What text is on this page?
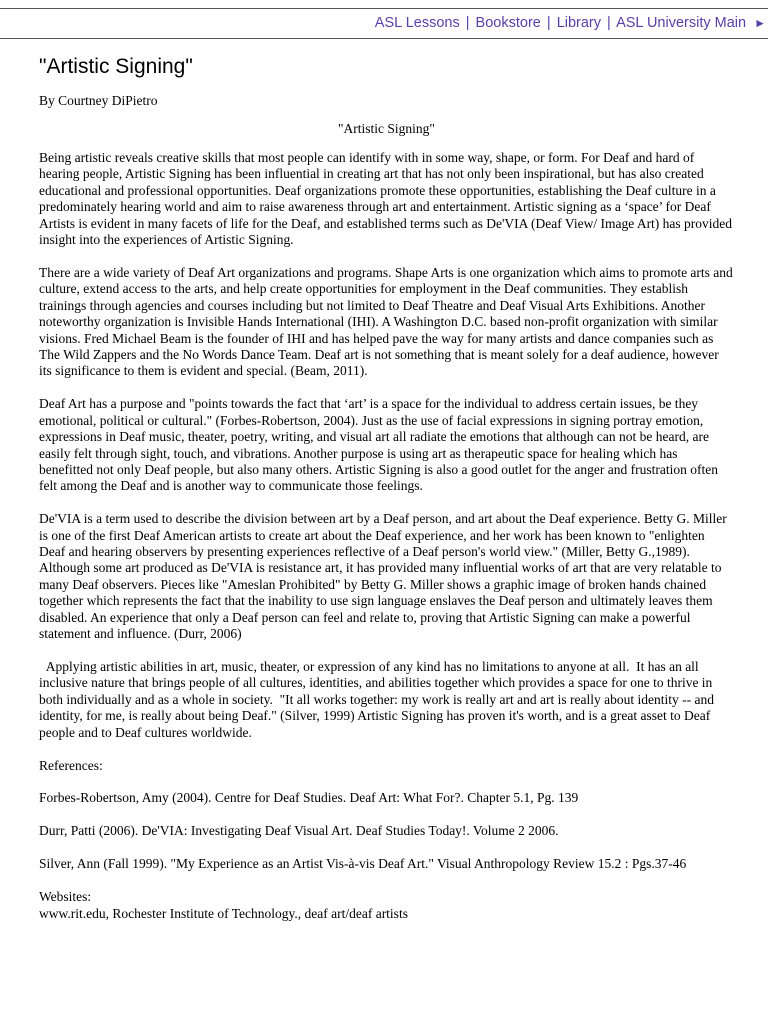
ASL Lessons | Bookstore | Library | ASL University Main ►
"Artistic Signing"
By Courtney DiPietro
"Artistic Signing"

Being artistic reveals creative skills that most people can identify with in some way, shape, or form. For Deaf and hard of hearing people, Artistic Signing has been influential in creating art that has not only been inspirational, but has also created educational and professional opportunities. Deaf organizations promote these opportunities, establishing the Deaf culture in a predominately hearing world and aim to raise awareness through art and entertainment. Artistic signing as a ‘space’ for Deaf Artists is evident in many facets of life for the Deaf, and established terms such as De'VIA (Deaf View/ Image Art) has provided insight into the experiences of Artistic Signing.

There are a wide variety of Deaf Art organizations and programs. Shape Arts is one organization which aims to promote arts and culture, extend access to the arts, and help create opportunities for employment in the Deaf communities. They establish trainings through agencies and courses including but not limited to Deaf Theatre and Deaf Visual Arts Exhibitions. Another noteworthy organization is Invisible Hands International (IHI). A Washington D.C. based non-profit organization with similar visions. Fred Michael Beam is the founder of IHI and has helped pave the way for many artists and dance companies such as The Wild Zappers and the No Words Dance Team. Deaf art is not something that is meant solely for a deaf audience, however its significance to them is evident and special. (Beam, 2011).

Deaf Art has a purpose and "points towards the fact that ‘art’ is a space for the individual to address certain issues, be they emotional, political or cultural." (Forbes-Robertson, 2004). Just as the use of facial expressions in signing portray emotion, expressions in Deaf music, theater, poetry, writing, and visual art all radiate the emotions that although can not be heard, are easily felt through sight, touch, and vibrations. Another purpose is using art as therapeutic space for healing which has benefitted not only Deaf people, but also many others. Artistic Signing is also a good outlet for the anger and frustration often felt among the Deaf and is another way to communicate those feelings.

De'VIA is a term used to describe the division between art by a Deaf person, and art about the Deaf experience. Betty G. Miller is one of the first Deaf American artists to create art about the Deaf experience, and her work has been known to "enlighten Deaf and hearing observers by presenting experiences reflective of a Deaf person's world view." (Miller, Betty G.,1989). Although some art produced as De'VIA is resistance art, it has provided many influential works of art that are very relatable to many Deaf observers. Pieces like "Ameslan Prohibited" by Betty G. Miller shows a graphic image of broken hands chained together which represents the fact that the inability to use sign language enslaves the Deaf person and ultimately leaves them disabled. An experience that only a Deaf person can feel and relate to, proving that Artistic Signing can make a powerful statement and influence. (Durr, 2006)

Applying artistic abilities in art, music, theater, or expression of any kind has no limitations to anyone at all.  It has an all inclusive nature that brings people of all cultures, identities, and abilities together which provides a space for one to thrive in both individually and as a whole in society.  "It all works together: my work is really art and art is really about identity -- and identity, for me, is really about being Deaf." (Silver, 1999) Artistic Signing has proven it's worth, and is a great asset to Deaf people and to Deaf cultures worldwide.

References:
Forbes-Robertson, Amy (2004). Centre for Deaf Studies. Deaf Art: What For?. Chapter 5.1, Pg. 139
Durr, Patti (2006). De'VIA: Investigating Deaf Visual Art. Deaf Studies Today!. Volume 2 2006.
Silver, Ann (Fall 1999). "My Experience as an Artist Vis-à-vis Deaf Art." Visual Anthropology Review 15.2 : Pgs.37-46
Websites:
www.rit.edu, Rochester Institute of Technology., deaf art/deaf artists
